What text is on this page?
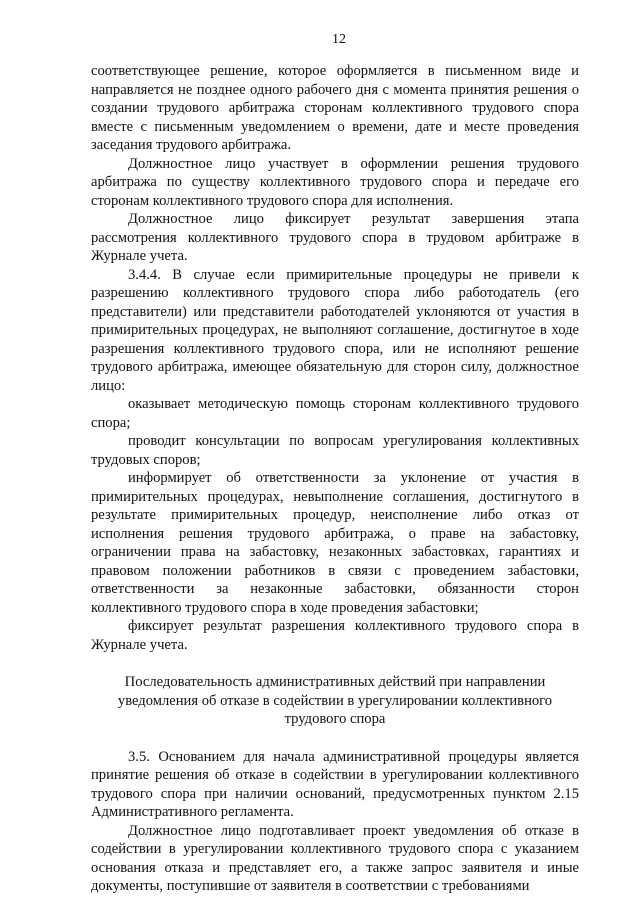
12

соответствующее решение, которое оформляется в письменном виде и направляется не позднее одного рабочего дня с момента принятия решения о создании трудового арбитража сторонам коллективного трудового спора вместе с письменным уведомлением о времени, дате и месте проведения заседания трудового арбитража.

Должностное лицо участвует в оформлении решения трудового арбитража по существу коллективного трудового спора и передаче его сторонам коллективного трудового спора для исполнения.

Должностное лицо фиксирует результат завершения этапа рассмотрения коллективного трудового спора в трудовом арбитраже в Журнале учета.

3.4.4. В случае если примирительные процедуры не привели к разрешению коллективного трудового спора либо работодатель (его представители) или представители работодателей уклоняются от участия в примирительных процедурах, не выполняют соглашение, достигнутое в ходе разрешения коллективного трудового спора, или не исполняют решение трудового арбитража, имеющее обязательную для сторон силу, должностное лицо:

оказывает методическую помощь сторонам коллективного трудового спора;

проводит консультации по вопросам урегулирования коллективных трудовых споров;

информирует об ответственности за уклонение от участия в примирительных процедурах, невыполнение соглашения, достигнутого в результате примирительных процедур, неисполнение либо отказ от исполнения решения трудового арбитража, о праве на забастовку, ограничении права на забастовку, незаконных забастовках, гарантиях и правовом положении работников в связи с проведением забастовки, ответственности за незаконные забастовки, обязанности сторон коллективного трудового спора в ходе проведения забастовки;

фиксирует результат разрешения коллективного трудового спора в Журнале учета.

Последовательность административных действий при направлении уведомления об отказе в содействии в урегулировании коллективного трудового спора

3.5. Основанием для начала административной процедуры является принятие решения об отказе в содействии в урегулировании коллективного трудового спора при наличии оснований, предусмотренных пунктом 2.15 Административного регламента.

Должностное лицо подготавливает проект уведомления об отказе в содействии в урегулировании коллективного трудового спора с указанием основания отказа и представляет его, а также запрос заявителя и иные документы, поступившие от заявителя в соответствии с требованиями
